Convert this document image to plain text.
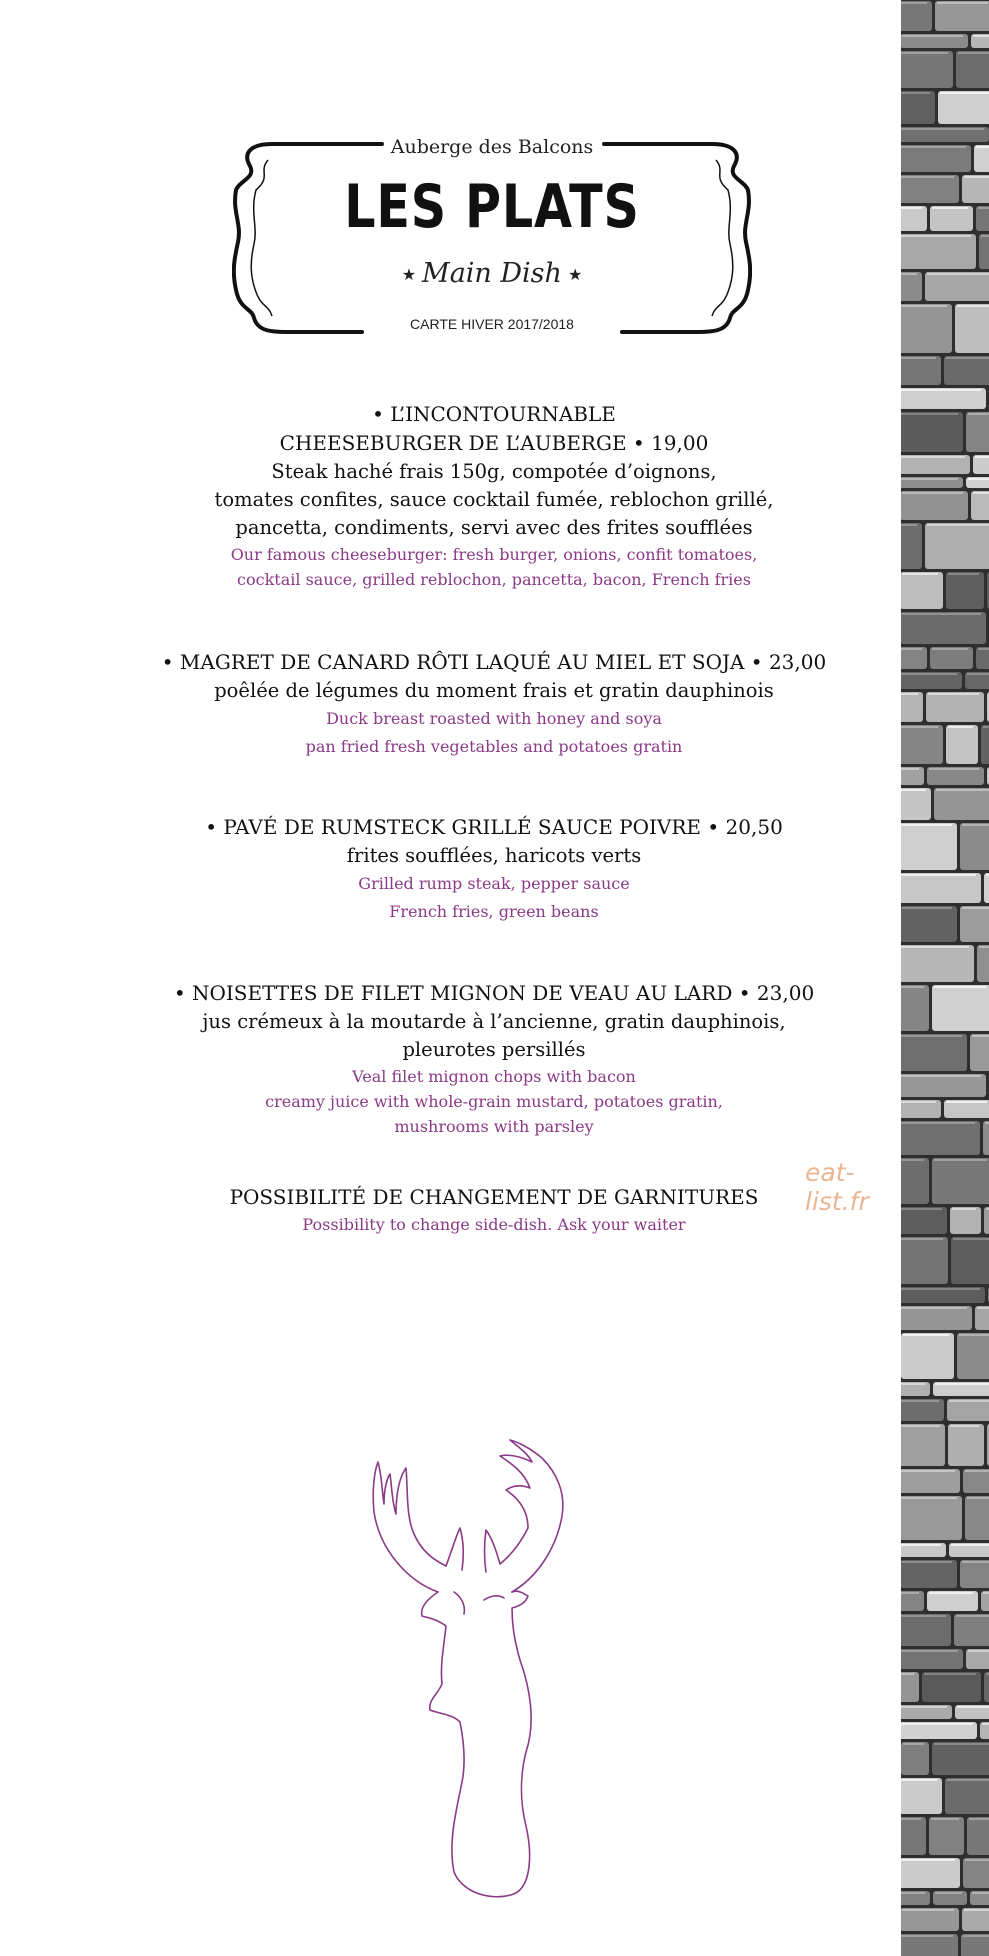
Auberge des Balcons
LES PLATS
★ Main Dish ★
CARTE HIVER 2017/2018
• L’INCONTOURNABLE
CHEESEBURGER DE L’AUBERGE • 19,00
Steak haché frais 150g, compotée d’oignons,
tomates confites, sauce cocktail fumée, reblochon grillé,
pancetta, condiments, servi avec des frites soufflées
Our famous cheeseburger: fresh burger, onions, confit tomatoes,
cocktail sauce, grilled reblochon, pancetta, bacon, French fries
• MAGRET DE CANARD RÔTI LAQUÉ AU MIEL ET SOJA • 23,00
poêlée de légumes du moment frais et gratin dauphinois
Duck breast roasted with honey and soya
pan fried fresh vegetables and potatoes gratin
• PAVÉ DE RUMSTECK GRILLÉ SAUCE POIVRE • 20,50
frites soufflées, haricots verts
Grilled rump steak, pepper sauce
French fries, green beans
• NOISETTES DE FILET MIGNON DE VEAU AU LARD • 23,00
jus crémeux à la moutarde à l’ancienne, gratin dauphinois,
pleurotes persillés
Veal filet mignon chops with bacon
creamy juice with whole-grain mustard, potatoes gratin,
mushrooms with parsley
POSSIBILITÉ DE CHANGEMENT DE GARNITURES
Possibility to change side-dish. Ask your waiter
eat-list.fr
